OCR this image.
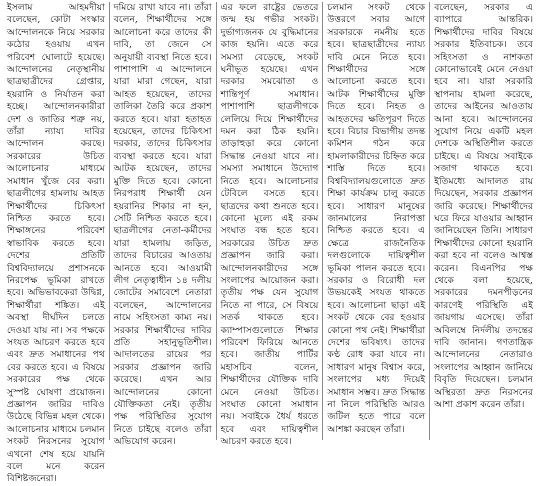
ইসলাম আহমদীয়া বলেছেন, কোটা সংস্কার আন্দোলনকে নিয়ে সরকার কঠোর হওয়ায় এখন পরিবেশ ঘোলাটে হয়েছে। আন্দোলনের নেতৃস্থানীয় ছাত্রছাত্রীদের গ্রেপ্তার, হয়রানি ও নির্যাতন করা হচ্ছে। আন্দোলনকারীরা দেশ ও জাতির শত্রু নয়, তাঁরা ন্যায্য দাবির আন্দোলন করছে। সরকারের উচিত আলোচনার মাধ্যমে সমাধান খুঁজে বের করা। ছাত্রলীগের হামলায় আহত শিক্ষার্থীদের চিকিৎসা নিশ্চিত করতে হবে। শিক্ষাঙ্গনের পরিবেশ স্বাভাবিক করতে হবে। দেশের প্রতিটি বিশ্ববিদ্যালয়ে প্রশাসনকে নিরপেক্ষ ভূমিকা রাখতে হবে। অভিভাবকেরা উদ্বিগ্ন, শিক্ষার্থীরা শঙ্কিত। এই অবস্থা দীর্ঘদিন চলতে দেওয়া যায় না। সব পক্ষকে সংযত আচরণ করতে হবে এবং দ্রুত সমাধানের পথ বের করতে হবে। এ বিষয়ে সরকারের পক্ষ থেকে সুস্পষ্ট ঘোষণা প্রয়োজন। প্রজ্ঞাপন জারির দাবিও উঠেছে বিভিন্ন মহল থেকে। আলোচনার মাধ্যমে চলমান সংকট নিরসনের সুযোগ এখনো শেষ হয়ে যায়নি বলে মনে করেন বিশিষ্টজনেরা।
দমিয়ে রাখা যাবে না। তাঁরা বলেন, শিক্ষার্থীদের সঙ্গে আলোচনা করে তাদের কী দাবি, তা জেনে সে অনুযায়ী ব্যবস্থা নিতে হবে। পাশাপাশি এ আন্দোলনে যারা মারা গেছেন, যারা আহত হয়েছেন, তাদের তালিকা তৈরি করে প্রকাশ করতে হবে। যারা হতাহত হয়েছেন, তাদের চিকিৎসা দরকার, তাদের চিকিৎসার ব্যবস্থা করতে হবে। যারা আটক হয়েছেন, তাদের মুক্তি দিতে হবে। কোনো নিরপরাধ শিক্ষার্থী যেন হয়রানির শিকার না হন, সেটি নিশ্চিত করতে হবে। ছাত্রলীগের নেতা-কর্মীদের যারা হামলায় জড়িত, তাদের বিচারের আওতায় আনতে হবে। আওয়ামী লীগ নেতৃত্বাধীন ১৪ দলীয় জোটের সমাবেশে নেতারা বলেছেন, আন্দোলনের নামে সহিংসতা কাম্য নয়। সরকার শিক্ষার্থীদের দাবির প্রতি সহানুভূতিশীল। আদালতের রায়ের পর সরকার প্রজ্ঞাপন জারি করেছে। এখন আর আন্দোলনের কোনো যৌক্তিকতা নেই। তৃতীয় পক্ষ পরিস্থিতির সুযোগ নিতে চাইছে বলেও তাঁরা অভিযোগ করেন।
এর ফলে রাষ্ট্রের ভেতরে জন্ম হয় গভীর সংকট। দুর্ভাগ্যজনক যে বুদ্ধিমানের কাজ হয়নি। এতে করে সমস্যা বেড়েছে, সংকট ঘনীভূত হয়েছে। এখন দরকার সমঝোতা ও শান্তিপূর্ণ সমাধান। পাশাপাশি ছাত্রলীগকে লেলিয়ে দিয়ে শিক্ষার্থীদের দমন করা ঠিক হয়নি। তাড়াহুড়া করে কোনো সিদ্ধান্ত নেওয়া যাবে না। সমস্যা সমাধানে উদ্যোগ নিতে হবে। আলোচনার টেবিলে বসতে হবে। ছাত্রদের কথা শুনতে হবে। কোনো মূল্যে এই রকম সংঘাত বন্ধ হতে হবে। সরকারের উচিত দ্রুত প্রজ্ঞাপন জারি করা। আন্দোলনকারীদের সঙ্গে সংলাপের আয়োজন করা। তৃতীয় পক্ষ যেন সুযোগ নিতে না পারে, সে বিষয়ে সতর্ক থাকতে হবে। ক্যাম্পাসগুলোতে শিক্ষার পরিবেশ ফিরিয়ে আনতে হবে। জাতীয় পার্টির মহাসচিব বলেন, শিক্ষার্থীদের যৌক্তিক দাবি মেনে নেওয়া উচিত। সংঘাত কোনো সমাধান নয়। সবাইকে ধৈর্য ধরতে হবে এবং দায়িত্বশীল আচরণ করতে হবে।
চলমান সংকট থেকে উত্তরণে সবার আগে সরকারকে নমনীয় হতে হবে। ছাত্রছাত্রীদের ন্যায্য দাবি মেনে নিতে হবে। শিক্ষার্থীদের সঙ্গে আলোচনা করতে হবে। আটক শিক্ষার্থীদের মুক্তি দিতে হবে। নিহত ও আহতদের ক্ষতিপূরণ দিতে হবে। বিচার বিভাগীয় তদন্ত কমিশন গঠন করে হামলাকারীদের চিহ্নিত করে শাস্তি দিতে হবে। বিশ্ববিদ্যালয়গুলোতে দ্রুত শিক্ষা কার্যক্রম চালু করতে হবে। সাধারণ মানুষের জানমালের নিরাপত্তা নিশ্চিত করতে হবে। এ ক্ষেত্রে রাজনৈতিক দলগুলোকে দায়িত্বশীল ভূমিকা পালন করতে হবে। সরকার ও বিরোধী দল উভয়কেই সংযত থাকতে হবে। আলোচনা ছাড়া এই সংকট থেকে বের হওয়ার কোনো পথ নেই। শিক্ষার্থীরা দেশের ভবিষ্যৎ। তাদের কণ্ঠ রোধ করা যাবে না। সাধারণ মানুষ বিশ্বাস করে, সংলাপের মধ্য দিয়েই সমাধান সম্ভব। দ্রুত সিদ্ধান্ত না নিলে পরিস্থিতি আরও জটিল হতে পারে বলে আশঙ্কা করছেন তাঁরা।
বলেছেন, সরকার এ ব্যাপারে আন্তরিক। শিক্ষার্থীদের দাবির বিষয়ে সরকার ইতিবাচক। তবে সহিংসতা ও নাশকতা কোনোভাবেই মেনে নেওয়া হবে না। যারা সরকারি স্থাপনায় হামলা করেছে, তাদের আইনের আওতায় আনা হবে। আন্দোলনের সুযোগ নিয়ে একটি মহল দেশকে অস্থিতিশীল করতে চাইছে। এ বিষয়ে সবাইকে সজাগ থাকতে হবে। ইতিমধ্যে আদালত রায় দিয়েছেন, সরকার প্রজ্ঞাপন জারি করেছে। শিক্ষার্থীদের ঘরে ফিরে যাওয়ার আহ্বান জানিয়েছেন তিনি। সাধারণ শিক্ষার্থীদের কোনো হয়রানি করা হবে না বলেও আশ্বস্ত করেন। বিএনপির পক্ষ থেকে বলা হয়েছে, সরকারের দমনপীড়নের কারণেই পরিস্থিতি এই জায়গায় এসেছে। তাঁরা অবিলম্বে নির্দলীয় তদন্তের দাবি জানান। গণতান্ত্রিক আন্দোলনের নেতারাও সংলাপের আহ্বান জানিয়ে বিবৃতি দিয়েছেন। চলমান অস্থিরতা দ্রুত নিরসনের আশা প্রকাশ করেন তাঁরা।
